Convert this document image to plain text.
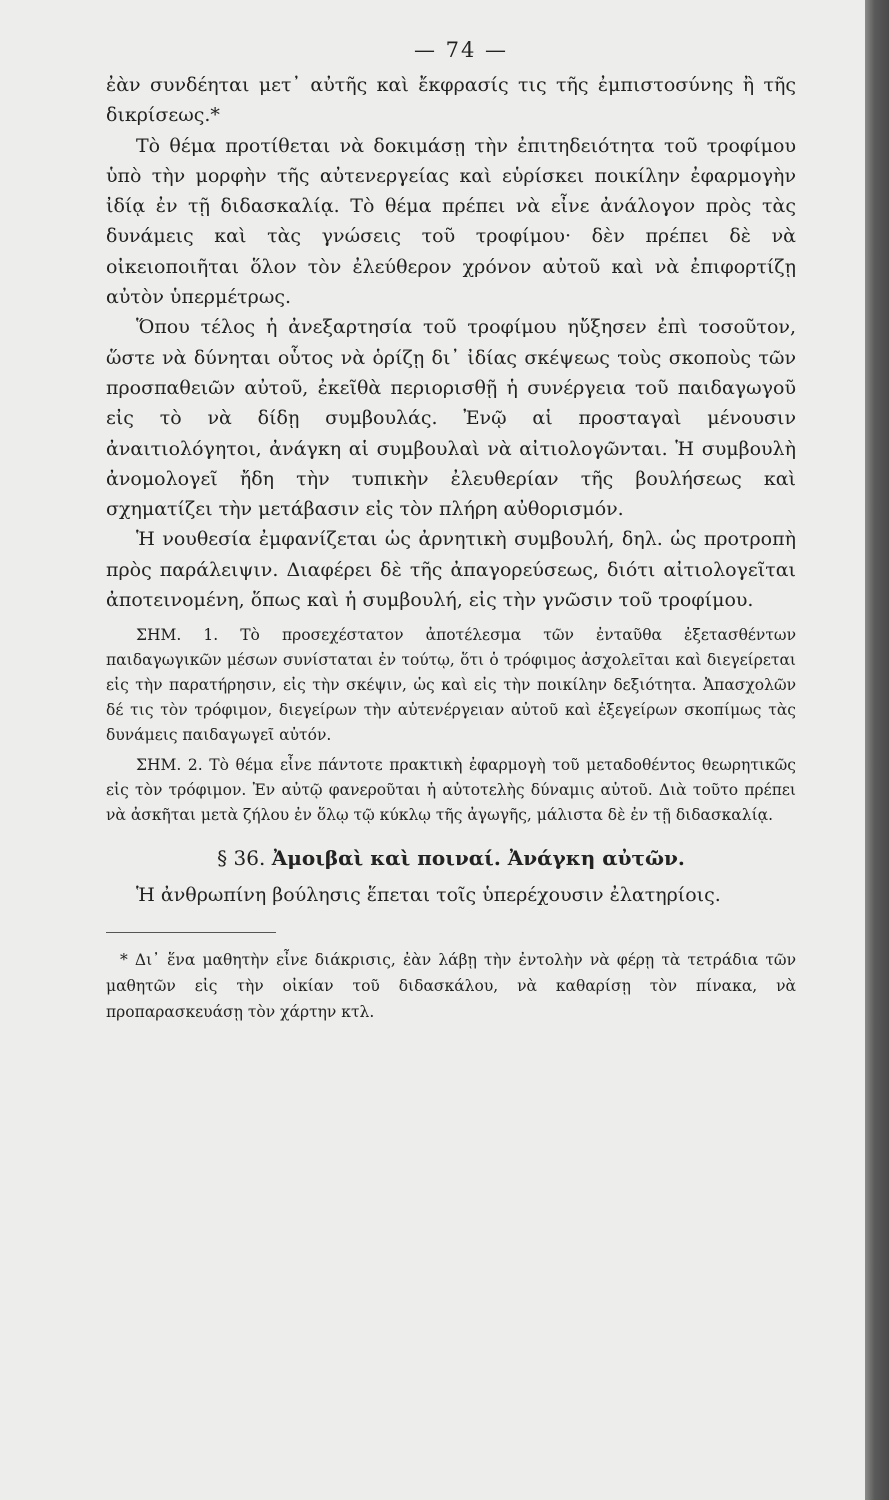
— 74 —

ἐὰν συνδέηται μετ᾿ αὐτῆς καὶ ἔκφρασίς τις τῆς ἐμπιστοσύνης ἢ τῆς δικρίσεως.*

Τὸ θέμα προτίθεται νὰ δοκιμάσῃ τὴν ἐπιτηδειότητα τοῦ τροφίμου ὑπὸ τὴν μορφὴν τῆς αὐτενεργείας καὶ εὑρίσκει ποικίλην ἐφαρμογὴν ἰδίᾳ ἐν τῇ διδασκαλίᾳ. Τὸ θέμα πρέπει νὰ εἶνε ἀνάλογον πρὸς τὰς δυνάμεις καὶ τὰς γνώσεις τοῦ τροφίμου· δὲν πρέπει δὲ νὰ οἰκειοποιῆται ὅλον τὸν ἐλεύθερον χρόνον αὐτοῦ καὶ νὰ ἐπιφορτίζῃ αὐτὸν ὑπερμέτρως.

Ὅπου τέλος ἡ ἀνεξαρτησία τοῦ τροφίμου ηὔξησεν ἐπὶ τοσοῦτον, ὥστε νὰ δύνηται οὗτος νὰ ὁρίζῃ δι᾿ ἰδίας σκέψεως τοὺς σκοποὺς τῶν προσπαθειῶν αὐτοῦ, ἐκεῖθὰ περιορισθῇ ἡ συνέργεια τοῦ παιδαγωγοῦ εἰς τὸ νὰ δίδῃ συμβουλάς. Ἐνῷ αἱ προσταγαὶ μένουσιν ἀναιτιολόγητοι, ἀνάγκη αἱ συμβουλαὶ νὰ αἰτιολογῶνται. Ἡ συμβουλὴ ἀνομολογεῖ ἤδη τὴν τυπικὴν ἐλευθερίαν τῆς βουλήσεως καὶ σχηματίζει τὴν μετάβασιν εἰς τὸν πλήρη αὐθορισμόν.

Ἡ νουθεσία ἐμφανίζεται ὡς ἀρνητικὴ συμβουλή, δηλ. ὡς προτροπὴ πρὸς παράλειψιν. Διαφέρει δὲ τῆς ἀπαγορεύσεως, διότι αἰτιολογεῖται ἀποτεινομένη, ὅπως καὶ ἡ συμβουλή, εἰς τὴν γνῶσιν τοῦ τροφίμου.

ΣΗΜ. 1. Τὸ προσεχέστατον ἀποτέλεσμα τῶν ἐνταῦθα ἐξετασθέντων παιδαγωγικῶν μέσων συνίσταται ἐν τούτῳ, ὅτι ὁ τρόφιμος ἀσχολεῖται καὶ διεγείρεται εἰς τὴν παρατήρησιν, εἰς τὴν σκέψιν, ὡς καὶ εἰς τὴν ποικίλην δεξιότητα. Ἀπασχολῶν δέ τις τὸν τρόφιμον, διεγείρων τὴν αὐτενέργειαν αὐτοῦ καὶ ἐξεγείρων σκοπίμως τὰς δυνάμεις παιδαγωγεῖ αὐτόν.

ΣΗΜ. 2. Τὸ θέμα εἶνε πάντοτε πρακτικὴ ἐφαρμογὴ τοῦ μεταδοθέντος θεωρητικῶς εἰς τὸν τρόφιμον. Ἐν αὐτῷ φανεροῦται ἡ αὐτοτελὴς δύναμις αὐτοῦ. Διὰ τοῦτο πρέπει νὰ ἀσκῆται μετὰ ζήλου ἐν ὅλῳ τῷ κύκλῳ τῆς ἀγωγῆς, μάλιστα δὲ ἐν τῇ διδασκαλίᾳ.

§ 36. Ἀμοιβαὶ καὶ ποιναί. Ἀνάγκη αὐτῶν.

Ἡ ἀνθρωπίνη βούλησις ἕπεται τοῖς ὑπερέχουσιν ἐλατηρίοις.

* Δι᾿ ἕνα μαθητὴν εἶνε διάκρισις, ἐὰν λάβῃ τὴν ἐντολὴν νὰ φέρῃ τὰ τετράδια τῶν μαθητῶν εἰς τὴν οἰκίαν τοῦ διδασκάλου, νὰ καθαρίσῃ τὸν πίνακα, νὰ προπαρασκευάσῃ τὸν χάρτην κτλ.
